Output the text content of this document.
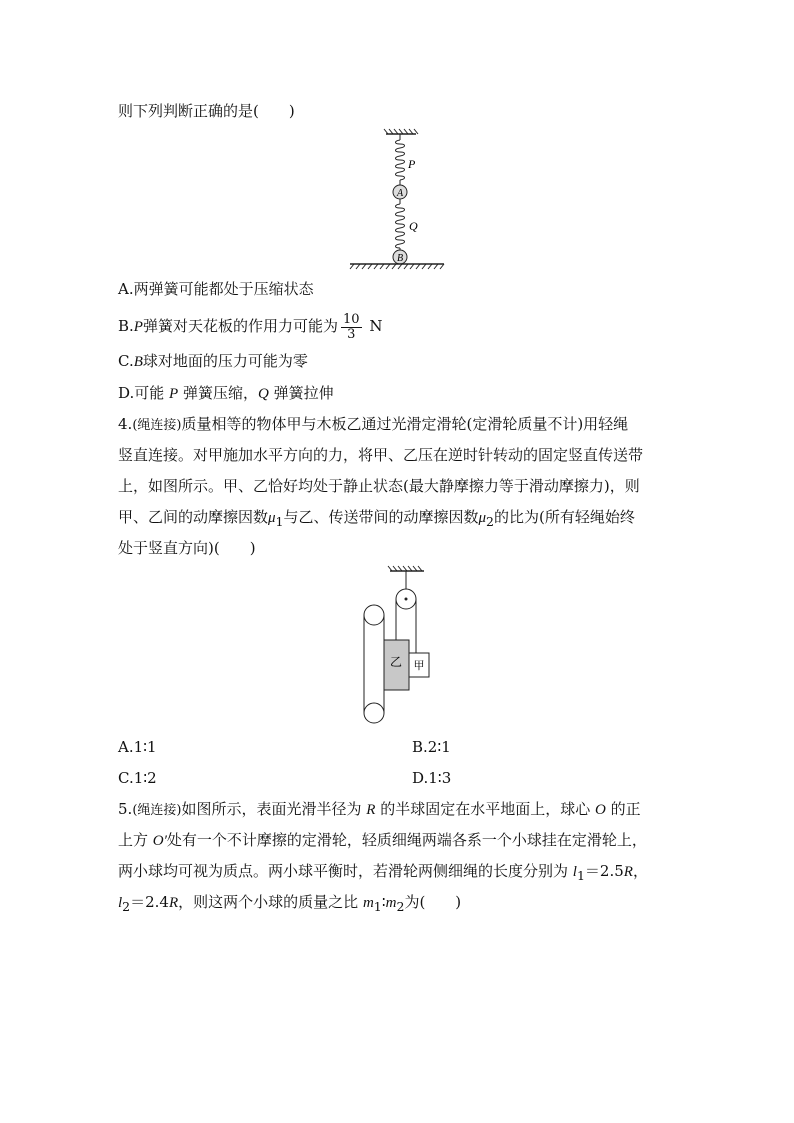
则下列判断正确的是(　　)
P
A
Q
B
A.两弹簧可能都处于压缩状态
B.P弹簧对天花板的作用力可能为 $\frac{10}{3}$ N
C.B球对地面的压力可能为零
D.可能 P 弹簧压缩，Q 弹簧拉伸
4.(绳连接)质量相等的物体甲与木板乙通过光滑定滑轮(定滑轮质量不计)用轻绳
竖直连接。对甲施加水平方向的力，将甲、乙压在逆时针转动的固定竖直传送带
上，如图所示。甲、乙恰好均处于静止状态(最大静摩擦力等于滑动摩擦力)，则
甲、乙间的动摩擦因数$\mu_1$与乙、传送带间的动摩擦因数$\mu_2$的比为(所有轻绳始终
处于竖直方向)(　　)
乙 甲
A.1∶1	B.2∶1
C.1∶2	D.1∶3
5.(绳连接)如图所示，表面光滑半径为 R 的半球固定在水平地面上，球心 O 的正
上方 O′处有一个不计摩擦的定滑轮，轻质细绳两端各系一个小球挂在定滑轮上，
两小球均可视为质点。两小球平衡时，若滑轮两侧细绳的长度分别为 $l_1=2.5R$，
$l_2=2.4R$，则这两个小球的质量之比 $m_1∶m_2$为(　　)
